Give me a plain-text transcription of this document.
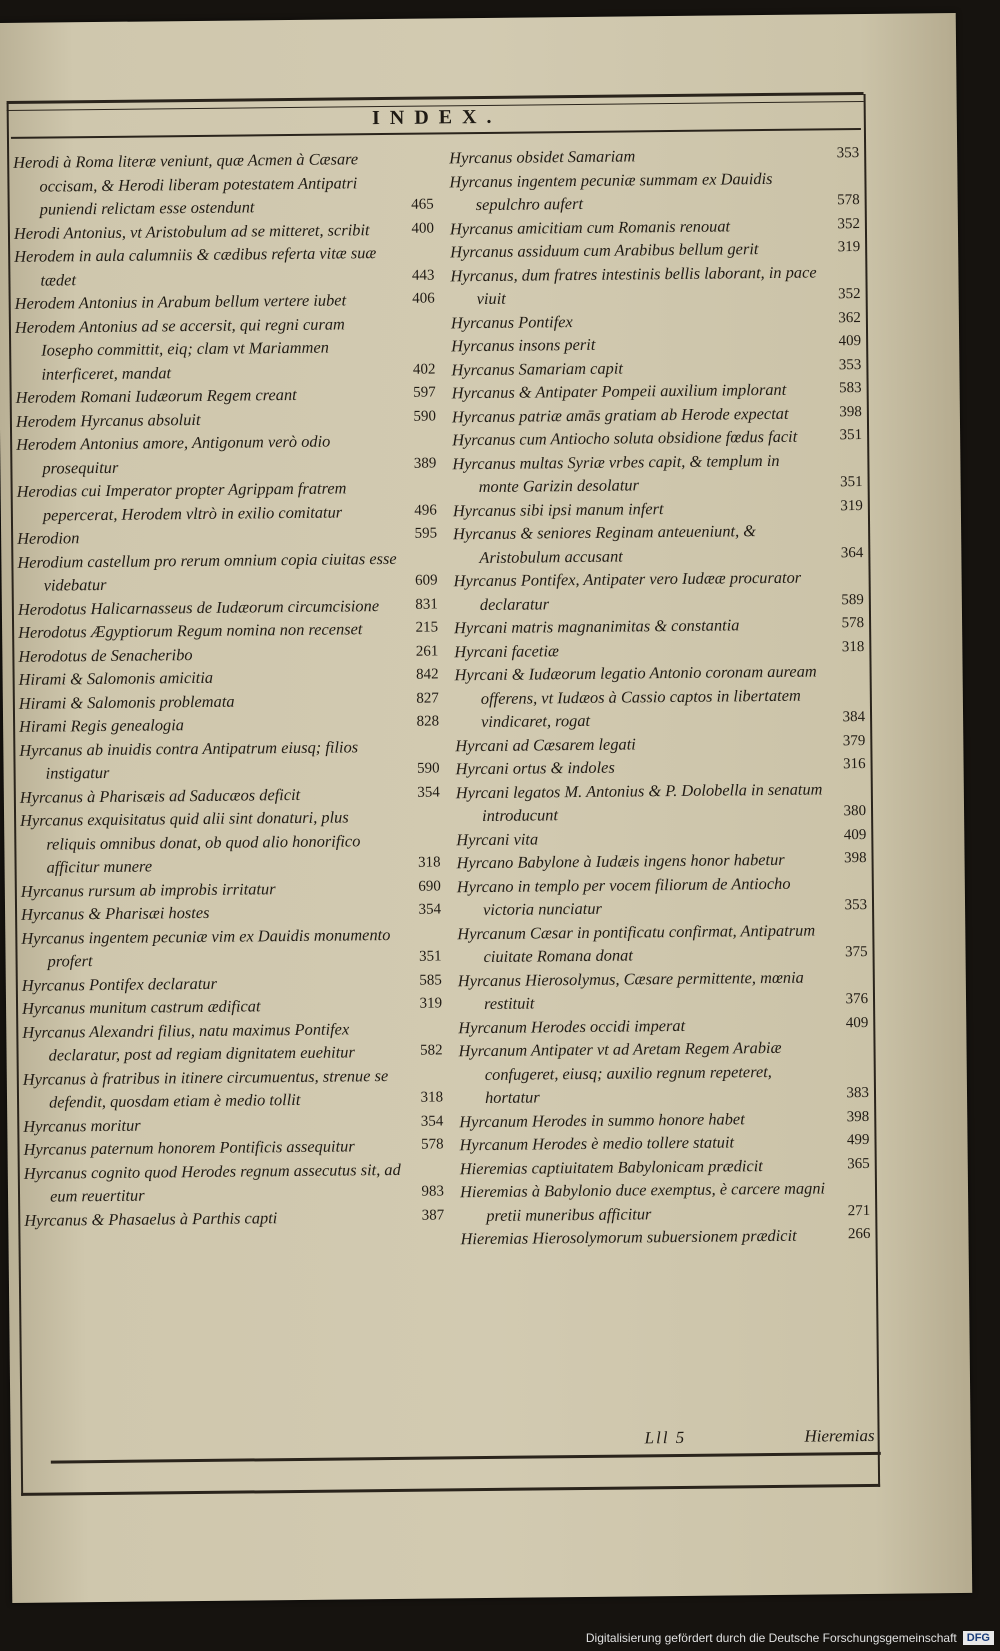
INDEX.
Herodi à Roma literæ veniunt, quæ Acmen à Cæsare occisam, & Herodi liberam potestatem Antipatri puniendi relictam esse ostendunt	465
Herodi Antonius, vt Aristobulum ad se mitteret, scribit	400
Herodem in aula calumniis & cædibus referta vitæ suæ tædet	443
Herodem Antonius in Arabum bellum vertere iubet	406
Herodem Antonius ad se accersit, qui regni curam Iosepho committit, eiq; clam vt Mariammen interficeret, mandat	402
Herodem Romani Iudæorum Regem creant	597
Herodem Hyrcanus absoluit	590
Herodem Antonius amore, Antigonum verò odio prosequitur	389
Herodias cui Imperator propter Agrippam fratrem pepercerat, Herodem vltrò in exilio comitatur	496
Herodion	595
Herodium castellum pro rerum omnium copia ciuitas esse videbatur	609
Herodotus Halicarnasseus de Iudæorum circumcisione	831
Herodotus Ægyptiorum Regum nomina non recenset	215
Herodotus de Senacheribo	261
Hirami & Salomonis amicitia	842
Hirami & Salomonis problemata	827
Hirami Regis genealogia	828
Hyrcanus ab inuidis contra Antipatrum eiusq; filios instigatur	590
Hyrcanus à Pharisæis ad Saducæos deficit	354
Hyrcanus exquisitatus quid alii sint donaturi, plus reliquis omnibus donat, ob quod alio honorifico afficitur munere	318
Hyrcanus rursum ab improbis irritatur	690
Hyrcanus & Pharisæi hostes	354
Hyrcanus ingentem pecuniæ vim ex Dauidis monumento profert	351
Hyrcanus Pontifex declaratur	585
Hyrcanus munitum castrum ædificat	319
Hyrcanus Alexandri filius, natu maximus Pontifex declaratur, post ad regiam dignitatem euehitur	582
Hyrcanus à fratribus in itinere circumuentus, strenue se defendit, quosdam etiam è medio tollit	318
Hyrcanus moritur	354
Hyrcanus paternum honorem Pontificis assequitur	578
Hyrcanus cognito quod Herodes regnum assecutus sit, ad eum reuertitur	983
Hyrcanus & Phasaelus à Parthis capti	387
Hyrcanus obsidet Samariam	353
Hyrcanus ingentem pecuniæ summam ex Dauidis sepulchro aufert	578
Hyrcanus amicitiam cum Romanis renouat	352
Hyrcanus assiduum cum Arabibus bellum gerit	319
Hyrcanus, dum fratres intestinis bellis laborant, in pace viuit	352
Hyrcanus Pontifex	362
Hyrcanus insons perit	409
Hyrcanus Samariam capit	353
Hyrcanus & Antipater Pompeii auxilium implorant	583
Hyrcanus patriæ amās gratiam ab Herode expectat	398
Hyrcanus cum Antiocho soluta obsidione fœdus facit	351
Hyrcanus multas Syriæ vrbes capit, & templum in monte Garizin desolatur	351
Hyrcanus sibi ipsi manum infert	319
Hyrcanus & seniores Reginam anteueniunt, & Aristobulum accusant	364
Hyrcanus Pontifex, Antipater vero Iudææ procurator declaratur	589
Hyrcani matris magnanimitas & constantia	578
Hyrcani facetiæ	318
Hyrcani & Iudæorum legatio Antonio coronam auream offerens, vt Iudæos à Cassio captos in libertatem vindicaret, rogat	384
Hyrcani ad Cæsarem legati	379
Hyrcani ortus & indoles	316
Hyrcani legatos M. Antonius & P. Dolobella in senatum introducunt	380
Hyrcani vita	409
Hyrcano Babylone à Iudæis ingens honor habetur	398
Hyrcano in templo per vocem filiorum de Antiocho victoria nunciatur	353
Hyrcanum Cæsar in pontificatu confirmat, Antipatrum ciuitate Romana donat	375
Hyrcanus Hierosolymus, Cæsare permittente, mœnia restituit	376
Hyrcanum Herodes occidi imperat	409
Hyrcanum Antipater vt ad Aretam Regem Arabiæ confugeret, eiusq; auxilio regnum repeteret, hortatur	383
Hyrcanum Herodes in summo honore habet	398
Hyrcanum Herodes è medio tollere statuit	499
Hieremias captiuitatem Babylonicam prædicit	365
Hieremias à Babylonio duce exemptus, è carcere magni pretii muneribus afficitur	271
Hieremias Hierosolymorum subuersionem prædicit	266
Lll 5	Hieremias
Digitalisierung gefördert durch die Deutsche Forschungsgemeinschaft DFG
